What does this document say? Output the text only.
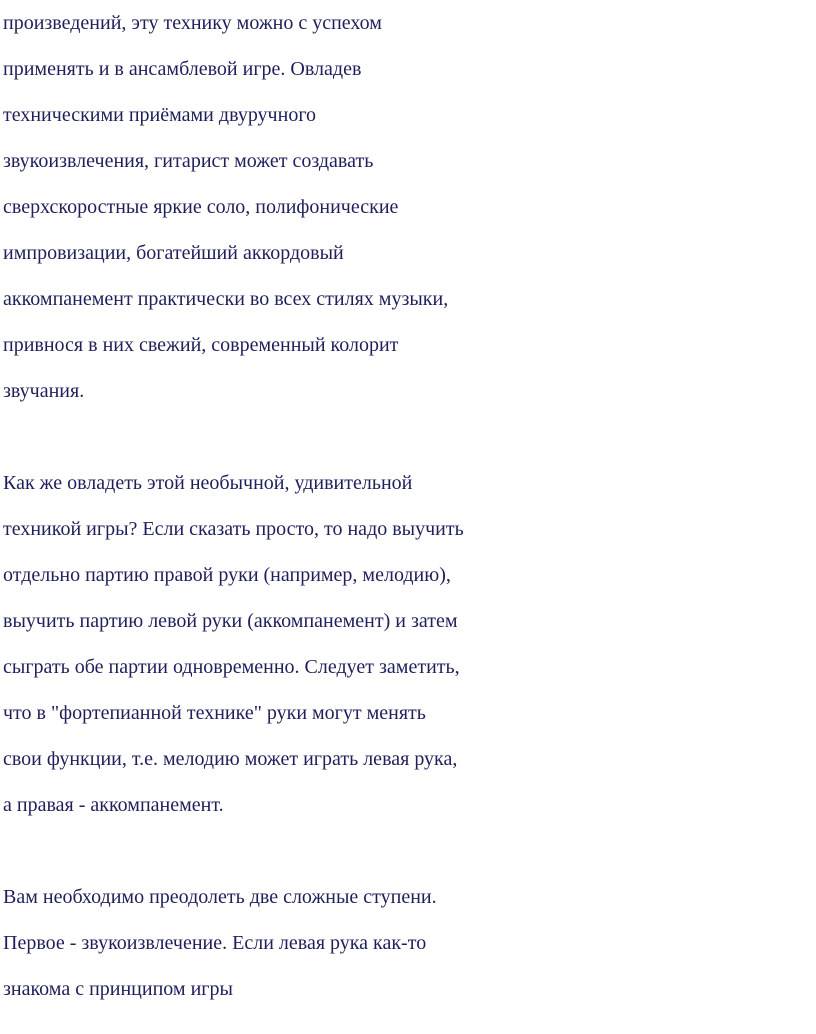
произведений, эту технику можно с успехом
применять и в ансамблевой игре. Овладев
техническими приёмами двуручного
звукоизвлечения, гитарист может создавать
сверхскоростные яркие соло, полифонические
импровизации, богатейший аккордовый
аккомпанемент практически во всех стилях музыки,
привнося в них свежий, современный колорит
звучания.
Как же овладеть этой необычной, удивительной
техникой игры? Если сказать просто, то надо выучить
отдельно партию правой руки (например, мелодию),
выучить партию левой руки (аккомпанемент) и затем
сыграть обе партии одновременно. Следует заметить,
что в "фортепианной технике" руки могут менять
свои функции, т.е. мелодию может играть левая рука,
а правая - аккомпанемент.
Вам необходимо преодолеть две сложные ступени.
Первое - звукоизвлечение. Если левая рука как-то
знакома с принципом игры
